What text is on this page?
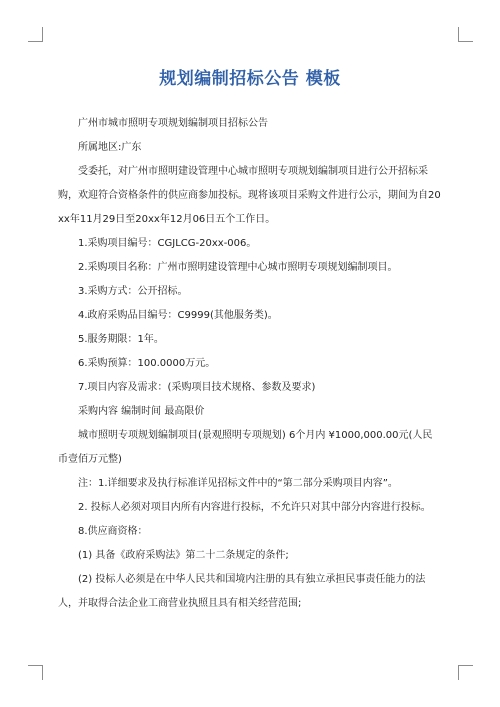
规划编制招标公告 模板

广州市城市照明专项规划编制项目招标公告

所属地区:广东

受委托，对广州市照明建设管理中心城市照明专项规划编制项目进行公开招标采购，欢迎符合资格条件的供应商参加投标。现将该项目采购文件进行公示，期间为自20xx年11月29日至20xx年12月06日五个工作日。

1.采购项目编号：CGJLCG-20xx-006。

2.采购项目名称：广州市照明建设管理中心城市照明专项规划编制项目。

3.采购方式：公开招标。

4.政府采购品目编号：C9999(其他服务类)。

5.服务期限：1年。

6.采购预算：100.0000万元。

7.项目内容及需求：(采购项目技术规格、参数及要求)

采购内容 编制时间 最高限价

城市照明专项规划编制项目(景观照明专项规划) 6个月内 ¥1000,000.00元(人民币壹佰万元整)

注：1.详细要求及执行标准详见招标文件中的“第二部分采购项目内容”。

2. 投标人必须对项目内所有内容进行投标，不允许只对其中部分内容进行投标。

8.供应商资格：

(1) 具备《政府采购法》第二十二条规定的条件;

(2) 投标人必须是在中华人民共和国境内注册的具有独立承担民事责任能力的法人，并取得合法企业工商营业执照且具有相关经营范围;
